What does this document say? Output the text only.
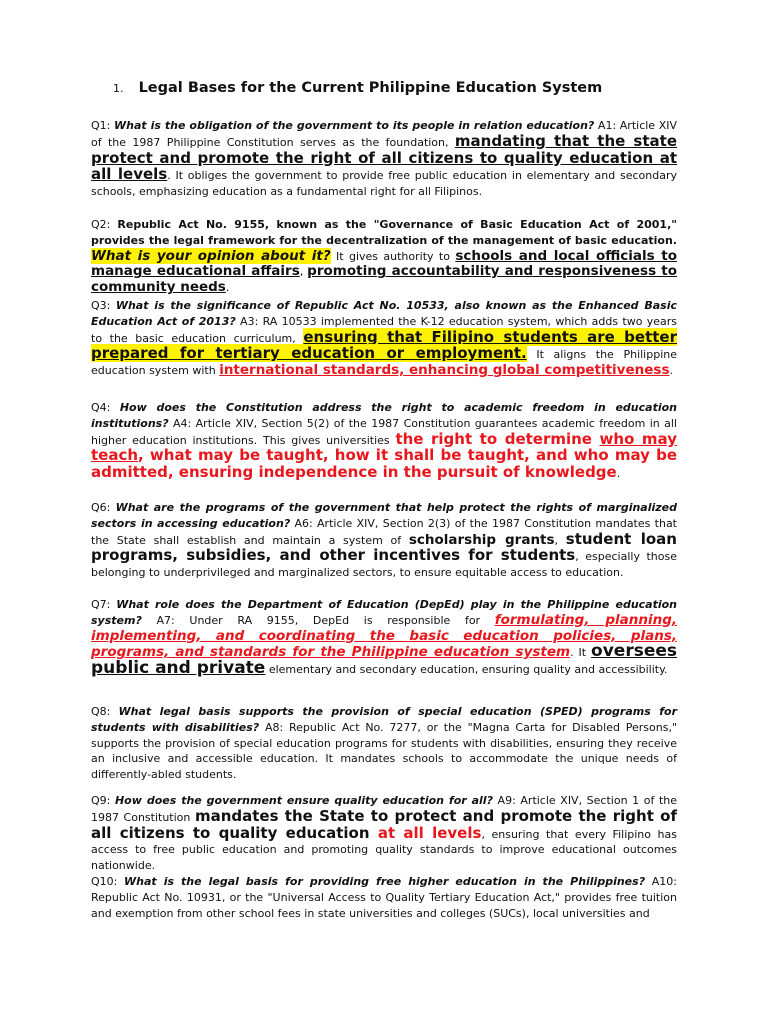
1. Legal Bases for the Current Philippine Education System
Q1: What is the obligation of the government to its people in relation education? A1: Article XIV of the 1987 Philippine Constitution serves as the foundation, mandating that the state protect and promote the right of all citizens to quality education at all levels. It obliges the government to provide free public education in elementary and secondary schools, emphasizing education as a fundamental right for all Filipinos.
Q2: Republic Act No. 9155, known as the "Governance of Basic Education Act of 2001," provides the legal framework for the decentralization of the management of basic education. What is your opinion about it? It gives authority to schools and local officials to manage educational affairs, promoting accountability and responsiveness to community needs.
Q3: What is the significance of Republic Act No. 10533, also known as the Enhanced Basic Education Act of 2013? A3: RA 10533 implemented the K-12 education system, which adds two years to the basic education curriculum, ensuring that Filipino students are better prepared for tertiary education or employment. It aligns the Philippine education system with international standards, enhancing global competitiveness.
Q4: How does the Constitution address the right to academic freedom in education institutions? A4: Article XIV, Section 5(2) of the 1987 Constitution guarantees academic freedom in all higher education institutions. This gives universities the right to determine who may teach, what may be taught, how it shall be taught, and who may be admitted, ensuring independence in the pursuit of knowledge.
Q6: What are the programs of the government that help protect the rights of marginalized sectors in accessing education? A6: Article XIV, Section 2(3) of the 1987 Constitution mandates that the State shall establish and maintain a system of scholarship grants, student loan programs, subsidies, and other incentives for students, especially those belonging to underprivileged and marginalized sectors, to ensure equitable access to education.
Q7: What role does the Department of Education (DepEd) play in the Philippine education system? A7: Under RA 9155, DepEd is responsible for formulating, planning, implementing, and coordinating the basic education policies, plans, programs, and standards for the Philippine education system. It oversees public and private elementary and secondary education, ensuring quality and accessibility.
Q8: What legal basis supports the provision of special education (SPED) programs for students with disabilities? A8: Republic Act No. 7277, or the "Magna Carta for Disabled Persons," supports the provision of special education programs for students with disabilities, ensuring they receive an inclusive and accessible education. It mandates schools to accommodate the unique needs of differently-abled students.
Q9: How does the government ensure quality education for all? A9: Article XIV, Section 1 of the 1987 Constitution mandates the State to protect and promote the right of all citizens to quality education at all levels, ensuring that every Filipino has access to free public education and promoting quality standards to improve educational outcomes nationwide.
Q10: What is the legal basis for providing free higher education in the Philippines? A10: Republic Act No. 10931, or the "Universal Access to Quality Tertiary Education Act," provides free tuition and exemption from other school fees in state universities and colleges (SUCs), local universities and
